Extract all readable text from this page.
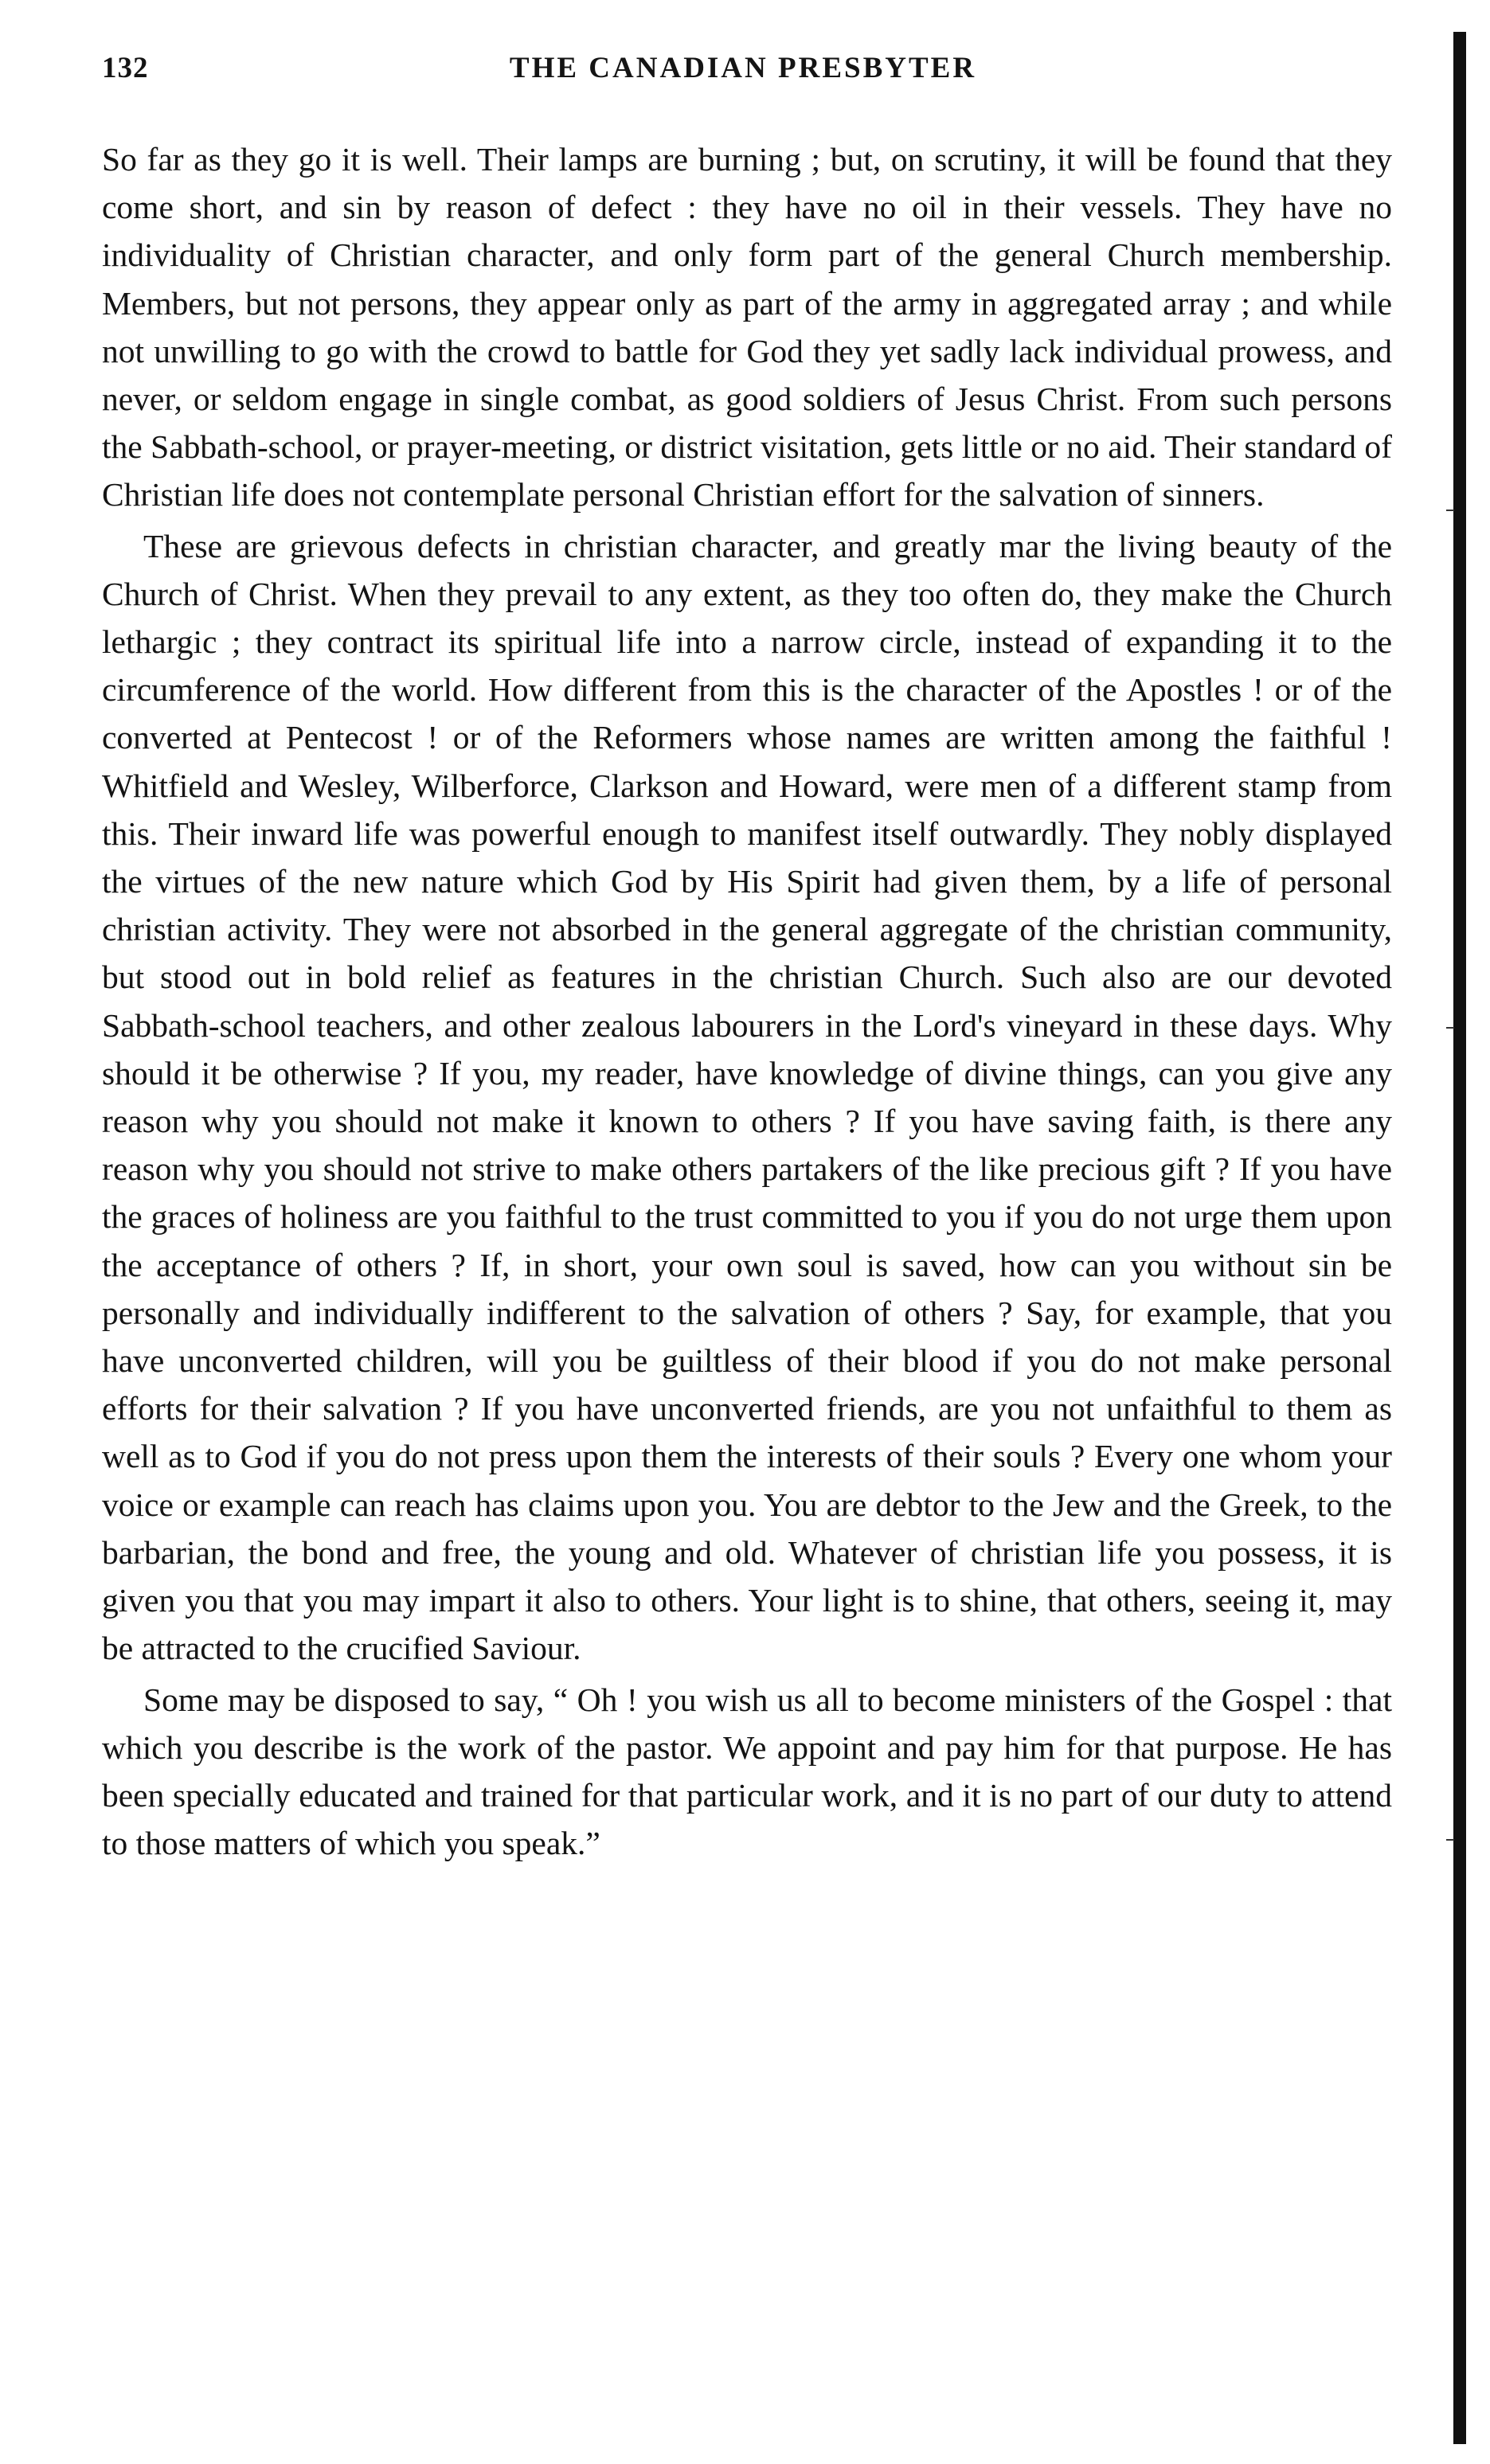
132	THE CANADIAN PRESBYTER

So far as they go it is well. Their lamps are burning ; but, on scrutiny, it will be found that they come short, and sin by reason of defect : they have no oil in their vessels. They have no individuality of Christian character, and only form part of the general Church membership. Members, but not persons, they appear only as part of the army in aggregated array ; and while not unwilling to go with the crowd to battle for God they yet sadly lack individual prowess, and never, or seldom engage in single combat, as good soldiers of Jesus Christ. From such persons the Sabbath-school, or prayer-meeting, or district visitation, gets little or no aid. Their standard of Christian life does not contemplate personal Christian effort for the salvation of sinners.

These are grievous defects in christian character, and greatly mar the living beauty of the Church of Christ. When they prevail to any extent, as they too often do, they make the Church lethargic ; they contract its spiritual life into a narrow circle, instead of expanding it to the circumference of the world. How different from this is the character of the Apostles ! or of the converted at Pentecost ! or of the Reformers whose names are written among the faithful ! Whitfield and Wesley, Wilberforce, Clarkson and Howard, were men of a different stamp from this. Their inward life was powerful enough to manifest itself outwardly. They nobly displayed the virtues of the new nature which God by His Spirit had given them, by a life of personal christian activity. They were not absorbed in the general aggregate of the christian community, but stood out in bold relief as features in the christian Church. Such also are our devoted Sabbath-school teachers, and other zealous labourers in the Lord's vineyard in these days. Why should it be otherwise ? If you, my reader, have knowledge of divine things, can you give any reason why you should not make it known to others ? If you have saving faith, is there any reason why you should not strive to make others partakers of the like precious gift ? If you have the graces of holiness are you faithful to the trust committed to you if you do not urge them upon the acceptance of others ? If, in short, your own soul is saved, how can you without sin be personally and individually indifferent to the salvation of others ? Say, for example, that you have unconverted children, will you be guiltless of their blood if you do not make personal efforts for their salvation ? If you have unconverted friends, are you not unfaithful to them as well as to God if you do not press upon them the interests of their souls ? Every one whom your voice or example can reach has claims upon you. You are debtor to the Jew and the Greek, to the barbarian, the bond and free, the young and old. Whatever of christian life you possess, it is given you that you may impart it also to others. Your light is to shine, that others, seeing it, may be attracted to the crucified Saviour.

Some may be disposed to say, “ Oh ! you wish us all to become ministers of the Gospel : that which you describe is the work of the pastor. We appoint and pay him for that purpose. He has been specially educated and trained for that particular work, and it is no part of our duty to attend to those matters of which you speak.”
